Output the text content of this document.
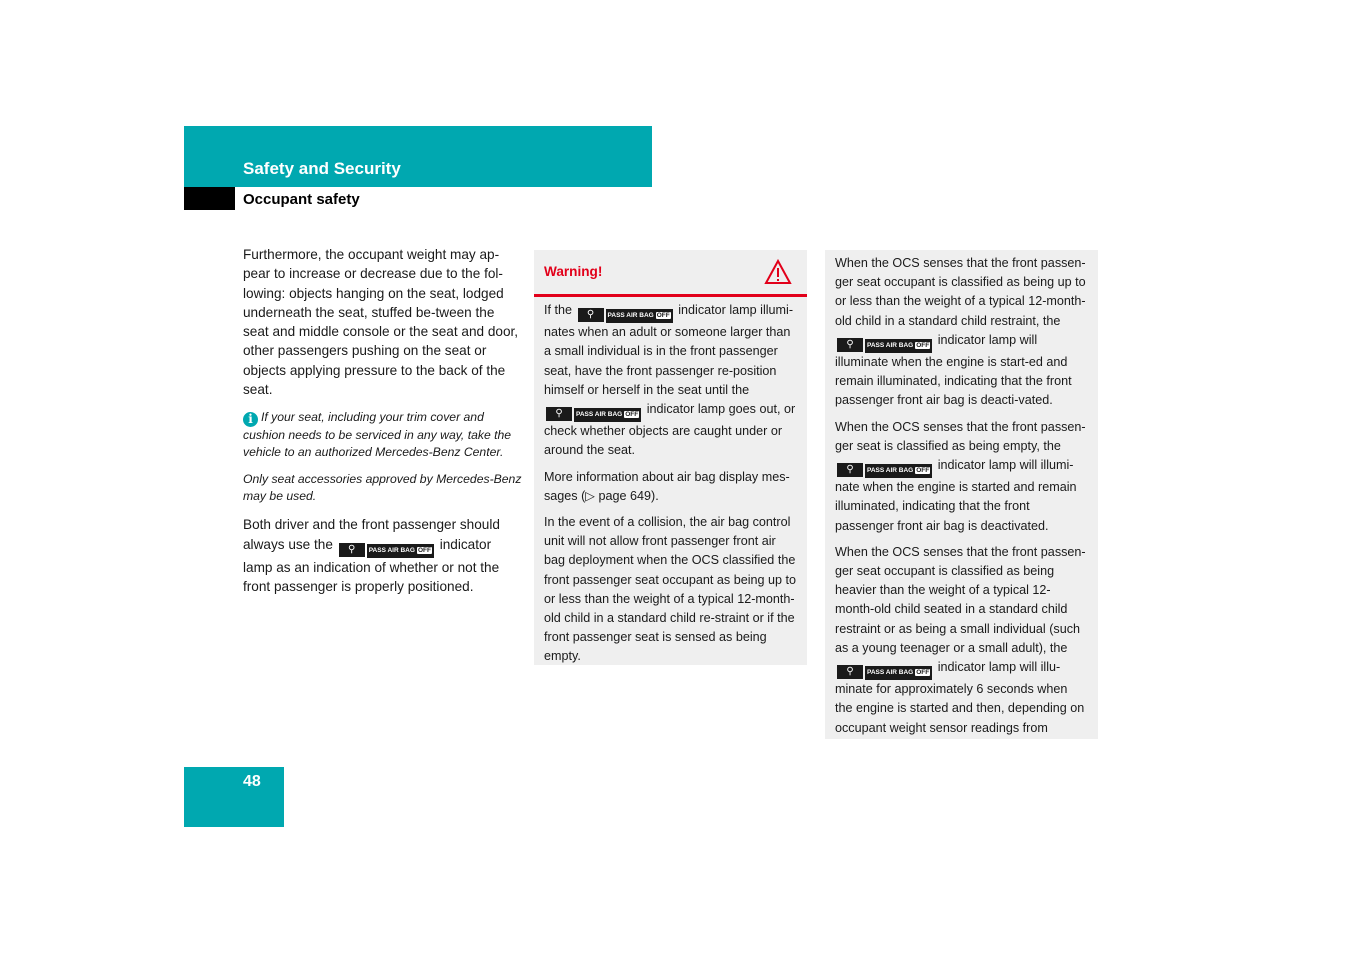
Safety and Security
Occupant safety

Furthermore, the occupant weight may ap-pear to increase or decrease due to the fol-lowing: objects hanging on the seat, lodged underneath the seat, stuffed be-tween the seat and middle console or the seat and door, other passengers pushing on the seat or objects applying pressure to the back of the seat.

i If your seat, including your trim cover and cushion needs to be serviced in any way, take the vehicle to an authorized Mercedes-Benz Center.

Only seat accessories approved by Mercedes-Benz may be used.

Both driver and the front passenger should always use the ⚲ PASS AIR BAG OFF indicator lamp as an indication of whether or not the front passenger is properly positioned.

Warning!

If the ⚲ PASS AIR BAG OFF indicator lamp illumi-nates when an adult or someone larger than a small individual is in the front passenger seat, have the front passenger re-position himself or herself in the seat until the ⚲ PASS AIR BAG OFF indicator lamp goes out, or check whether objects are caught under or around the seat.

More information about air bag display mes-sages (▷ page 649).

In the event of a collision, the air bag control unit will not allow front passenger front air bag deployment when the OCS classified the front passenger seat occupant as being up to or less than the weight of a typical 12-month-old child in a standard child re-straint or if the front passenger seat is sensed as being empty.

When the OCS senses that the front passen-ger seat occupant is classified as being up to or less than the weight of a typical 12-month-old child in a standard child restraint, the ⚲ PASS AIR BAG OFF indicator lamp will illuminate when the engine is start-ed and remain illuminated, indicating that the front passenger front air bag is deacti-vated.

When the OCS senses that the front passen-ger seat is classified as being empty, the ⚲ PASS AIR BAG OFF indicator lamp will illumi-nate when the engine is started and remain illuminated, indicating that the front passenger front air bag is deactivated.

When the OCS senses that the front passen-ger seat occupant is classified as being heavier than the weight of a typical 12-month-old child seated in a standard child restraint or as being a small individual (such as a young teenager or a small adult), the ⚲ PASS AIR BAG OFF indicator lamp will illu-minate for approximately 6 seconds when the engine is started and then, depending on occupant weight sensor readings from

48
